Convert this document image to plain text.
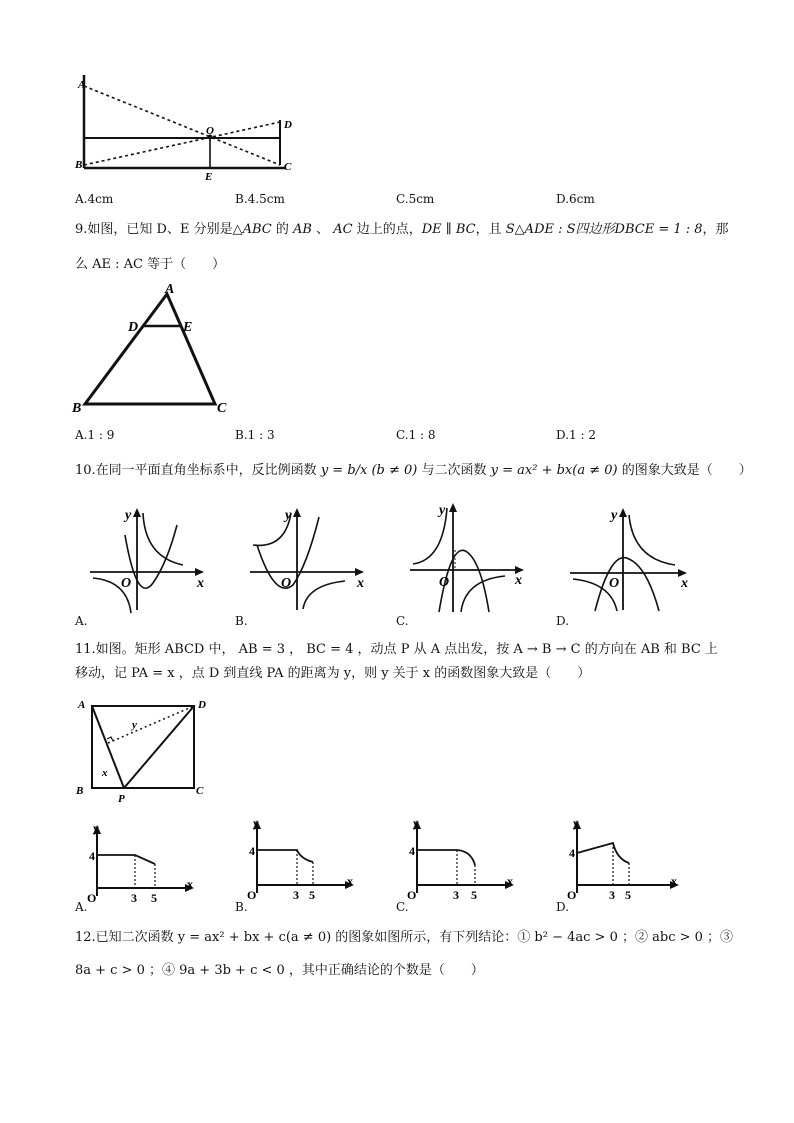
A
B
O	D
E
C
A.4cm	B.4.5cm	C.5cm	D.6cm
9.如图，已知 D、E 分别是△ABC 的 AB 、 AC 边上的点，DE ∥ BC，且 S△ADE : S四边形DBCE = 1 : 8，那
么 AE : AC 等于（　　）
A
D	E
B	C
A.1 : 9	B.1 : 3	C.1 : 8	D.1 : 2
10.在同一平面直角坐标系中，反比例函数 y = b/x (b ≠ 0) 与二次函数 y = ax² + bx(a ≠ 0) 的图象大致是（　　）
y
O	x
A.
y
O	x
B.
y
O	x
C.
y
O	x
D.
11.如图。矩形 ABCD 中， AB = 3 ， BC = 4 ，动点 P 从 A 点出发，按 A → B → C 的方向在 AB 和 BC 上
移动，记 PA = x ，点 D 到直线 PA 的距离为 y，则 y 关于 x 的函数图象大致是（　　）
A	D
B
P
C
y
x
y
4
O	3 5
x
A.
y
4
O	3 5
x
B.
y
4
O	3 5
x
C.
y
4
O	3 5
x
D.
12.已知二次函数 y = ax² + bx + c(a ≠ 0) 的图象如图所示，有下列结论：① b² − 4ac > 0 ；② abc > 0 ；③
8a + c > 0 ；④ 9a + 3b + c < 0 ，其中正确结论的个数是（　　）
